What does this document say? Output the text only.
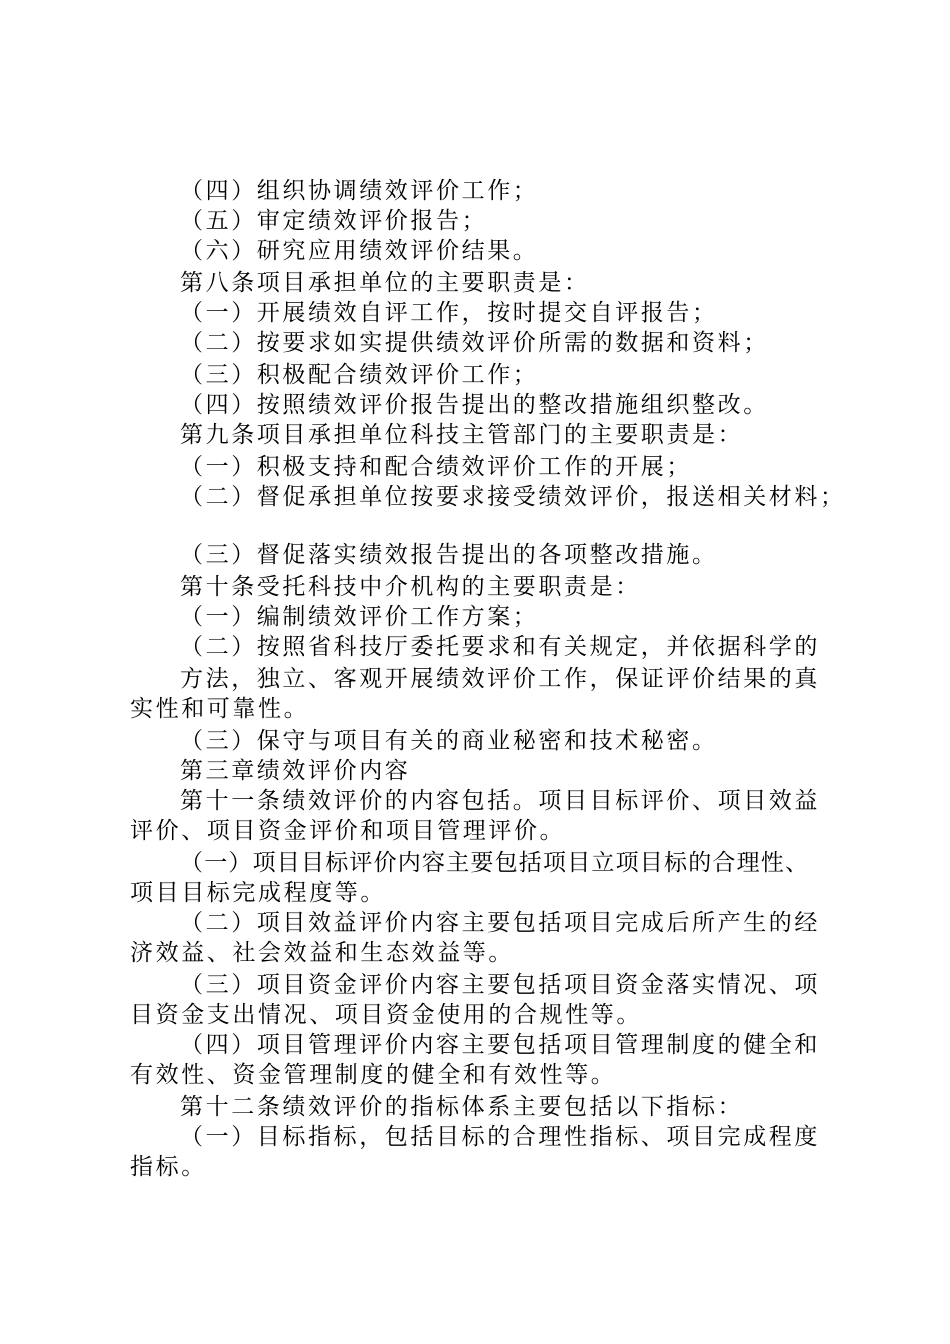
（四）组织协调绩效评价工作；
（五）审定绩效评价报告；
（六）研究应用绩效评价结果。
第八条项目承担单位的主要职责是：
（一）开展绩效自评工作，按时提交自评报告；
（二）按要求如实提供绩效评价所需的数据和资料；
（三）积极配合绩效评价工作；
（四）按照绩效评价报告提出的整改措施组织整改。
第九条项目承担单位科技主管部门的主要职责是：
（一）积极支持和配合绩效评价工作的开展；
（二）督促承担单位按要求接受绩效评价，报送相关材料；
（三）督促落实绩效报告提出的各项整改措施。
第十条受托科技中介机构的主要职责是：
（一）编制绩效评价工作方案；
（二）按照省科技厅委托要求和有关规定，并依据科学的
方法，独立、客观开展绩效评价工作，保证评价结果的真
实性和可靠性。
（三）保守与项目有关的商业秘密和技术秘密。
第三章绩效评价内容
第十一条绩效评价的内容包括。项目目标评价、项目效益
评价、项目资金评价和项目管理评价。
（一）项目目标评价内容主要包括项目立项目标的合理性、
项目目标完成程度等。
（二）项目效益评价内容主要包括项目完成后所产生的经
济效益、社会效益和生态效益等。
（三）项目资金评价内容主要包括项目资金落实情况、项
目资金支出情况、项目资金使用的合规性等。
（四）项目管理评价内容主要包括项目管理制度的健全和
有效性、资金管理制度的健全和有效性等。
第十二条绩效评价的指标体系主要包括以下指标：
（一）目标指标，包括目标的合理性指标、项目完成程度
指标。
